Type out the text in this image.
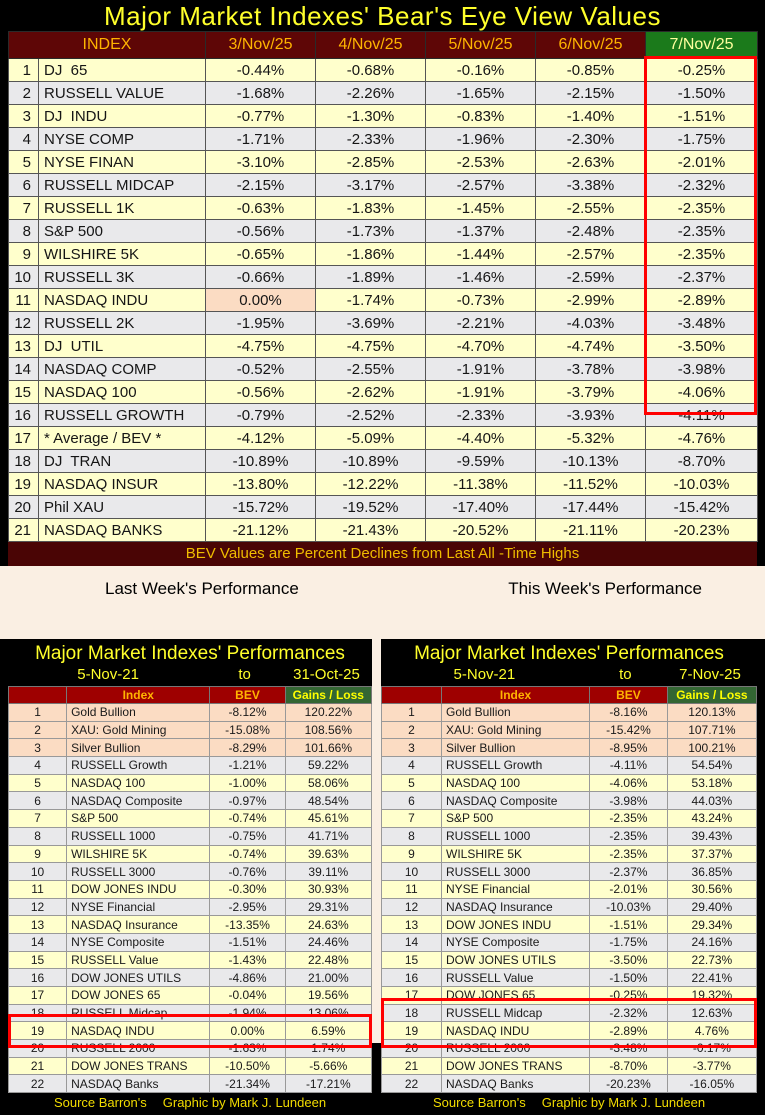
Major Market Indexes' Bear's Eye View Values
INDEX		3/Nov/25	4/Nov/25	5/Nov/25	6/Nov/25	7/Nov/25
1	DJ  65	-0.44%	-0.68%	-0.16%	-0.85%	-0.25%
2	RUSSELL VALUE	-1.68%	-2.26%	-1.65%	-2.15%	-1.50%
3	DJ  INDU	-0.77%	-1.30%	-0.83%	-1.40%	-1.51%
4	NYSE COMP	-1.71%	-2.33%	-1.96%	-2.30%	-1.75%
5	NYSE FINAN	-3.10%	-2.85%	-2.53%	-2.63%	-2.01%
6	RUSSELL MIDCAP	-2.15%	-3.17%	-2.57%	-3.38%	-2.32%
7	RUSSELL 1K	-0.63%	-1.83%	-1.45%	-2.55%	-2.35%
8	S&P 500	-0.56%	-1.73%	-1.37%	-2.48%	-2.35%
9	WILSHIRE 5K	-0.65%	-1.86%	-1.44%	-2.57%	-2.35%
10	RUSSELL 3K	-0.66%	-1.89%	-1.46%	-2.59%	-2.37%
11	NASDAQ INDU	0.00%	-1.74%	-0.73%	-2.99%	-2.89%
12	RUSSELL 2K	-1.95%	-3.69%	-2.21%	-4.03%	-3.48%
13	DJ  UTIL	-4.75%	-4.75%	-4.70%	-4.74%	-3.50%
14	NASDAQ COMP	-0.52%	-2.55%	-1.91%	-3.78%	-3.98%
15	NASDAQ 100	-0.56%	-2.62%	-1.91%	-3.79%	-4.06%
16	RUSSELL GROWTH	-0.79%	-2.52%	-2.33%	-3.93%	-4.11%
17	* Average / BEV *	-4.12%	-5.09%	-4.40%	-5.32%	-4.76%
18	DJ  TRAN	-10.89%	-10.89%	-9.59%	-10.13%	-8.70%
19	NASDAQ INSUR	-13.80%	-12.22%	-11.38%	-11.52%	-10.03%
20	Phil XAU	-15.72%	-19.52%	-17.40%	-17.44%	-15.42%
21	NASDAQ BANKS	-21.12%	-21.43%	-20.52%	-21.11%	-20.23%
BEV Values are Percent Declines from Last All -Time Highs
Last Week's Performance	This Week's Performance
Major Market Indexes' Performances
5-Nov-21	to	31-Oct-25
	Index	BEV	Gains / Loss
1	Gold Bullion	-8.12%	120.22%
2	XAU: Gold Mining	-15.08%	108.56%
3	Silver Bullion	-8.29%	101.66%
4	RUSSELL Growth	-1.21%	59.22%
5	NASDAQ 100	-1.00%	58.06%
6	NASDAQ Composite	-0.97%	48.54%
7	S&P 500	-0.74%	45.61%
8	RUSSELL 1000	-0.75%	41.71%
9	WILSHIRE 5K	-0.74%	39.63%
10	RUSSELL 3000	-0.76%	39.11%
11	DOW JONES INDU	-0.30%	30.93%
12	NYSE Financial	-2.95%	29.31%
13	NASDAQ Insurance	-13.35%	24.63%
14	NYSE Composite	-1.51%	24.46%
15	RUSSELL Value	-1.43%	22.48%
16	DOW JONES UTILS	-4.86%	21.00%
17	DOW JONES 65	-0.04%	19.56%
18	RUSSELL Midcap	-1.94%	13.06%
19	NASDAQ INDU	0.00%	6.59%
20	RUSSELL 2000	-1.63%	1.74%
21	DOW JONES TRANS	-10.50%	-5.66%
22	NASDAQ Banks	-21.34%	-17.21%
Source Barron's Graphic by Mark J. Lundeen
Major Market Indexes' Performances
5-Nov-21	to	7-Nov-25
	Index	BEV	Gains / Loss
1	Gold Bullion	-8.16%	120.13%
2	XAU: Gold Mining	-15.42%	107.71%
3	Silver Bullion	-8.95%	100.21%
4	RUSSELL Growth	-4.11%	54.54%
5	NASDAQ 100	-4.06%	53.18%
6	NASDAQ Composite	-3.98%	44.03%
7	S&P 500	-2.35%	43.24%
8	RUSSELL 1000	-2.35%	39.43%
9	WILSHIRE 5K	-2.35%	37.37%
10	RUSSELL 3000	-2.37%	36.85%
11	NYSE Financial	-2.01%	30.56%
12	NASDAQ Insurance	-10.03%	29.40%
13	DOW JONES INDU	-1.51%	29.34%
14	NYSE Composite	-1.75%	24.16%
15	DOW JONES UTILS	-3.50%	22.73%
16	RUSSELL Value	-1.50%	22.41%
17	DOW JONES 65	-0.25%	19.32%
18	RUSSELL Midcap	-2.32%	12.63%
19	NASDAQ INDU	-2.89%	4.76%
20	RUSSELL 2000	-3.48%	-0.17%
21	DOW JONES TRANS	-8.70%	-3.77%
22	NASDAQ Banks	-20.23%	-16.05%
Source Barron's Graphic by Mark J. Lundeen
